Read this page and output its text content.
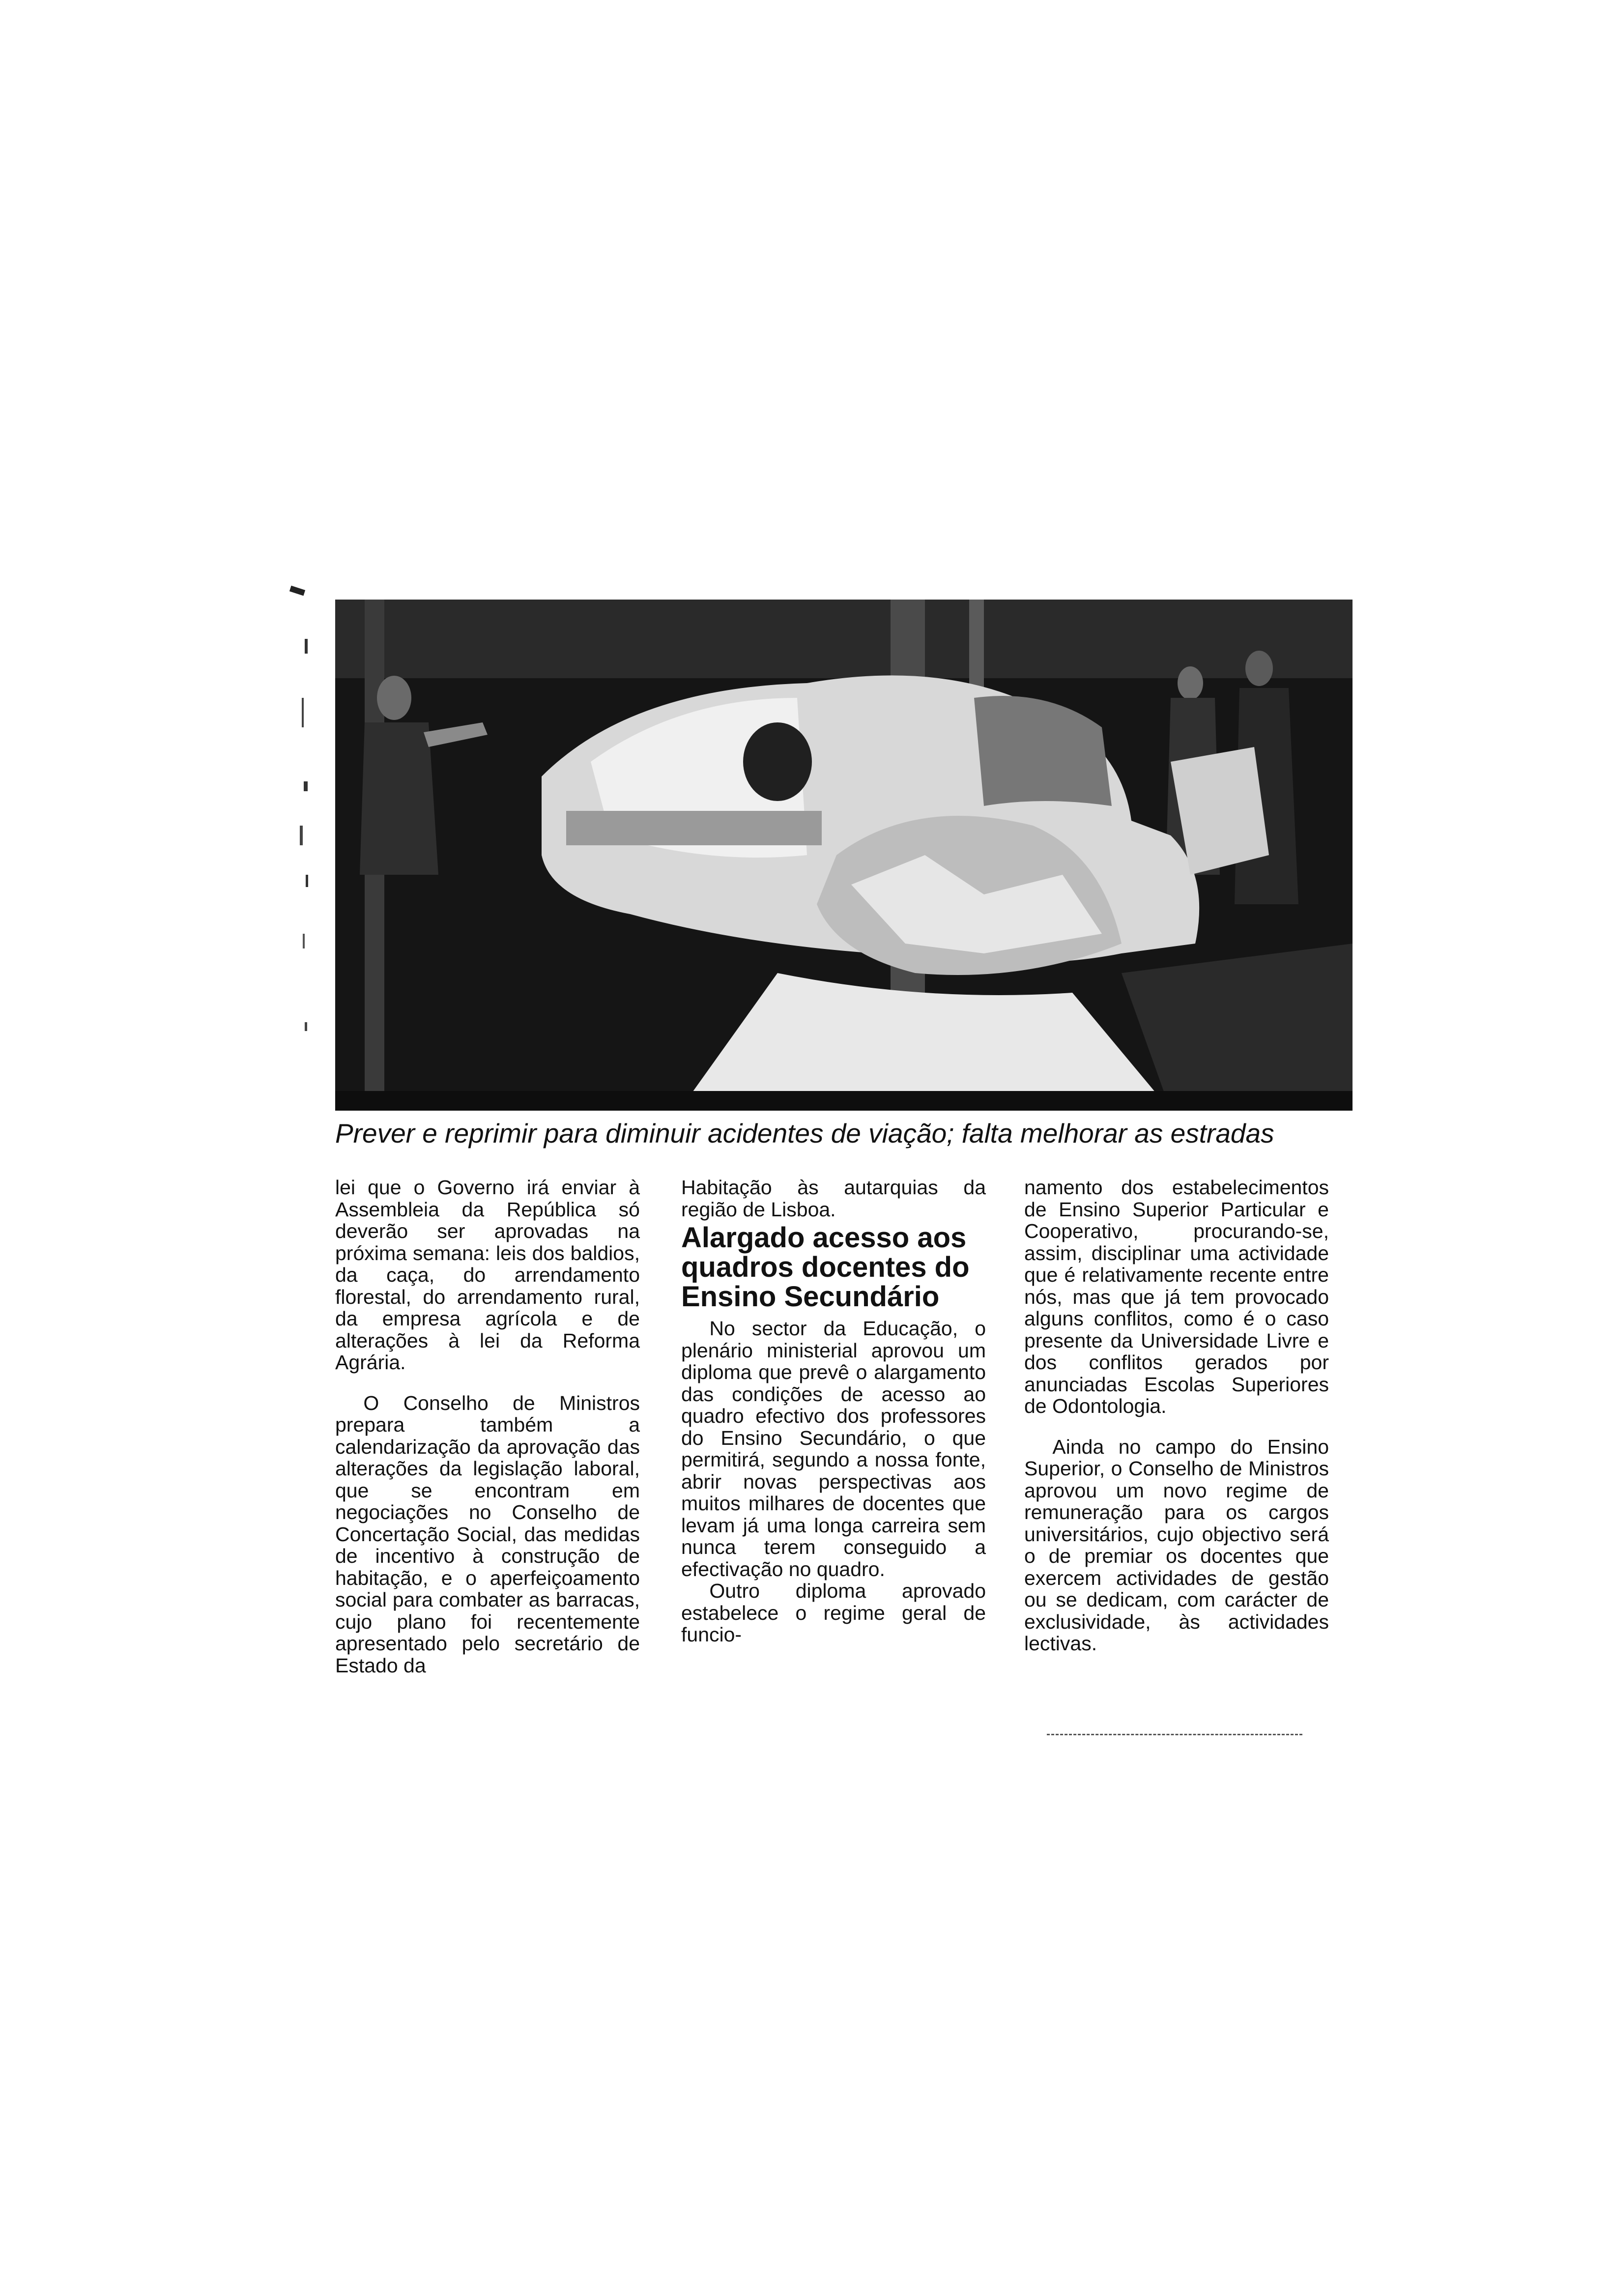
Prever e reprimir para diminuir acidentes de viação; falta melhorar as estradas

lei que o Governo irá enviar à Assembleia da República só deverão ser aprovadas na próxima semana: leis dos baldios, da caça, do arrendamento florestal, do arrendamento rural, da empresa agrícola e de alterações à lei da Reforma Agrária.

O Conselho de Ministros prepara também a calendarização da aprovação das alterações da legislação laboral, que se encontram em negociações no Conselho de Concertação Social, das medidas de incentivo à construção de habitação, e o aperfeiçoamento social para combater as barracas, cujo plano foi recentemente apresentado pelo secretário de Estado da

Habitação às autarquias da região de Lisboa.

Alargado acesso aos quadros docentes do Ensino Secundário

No sector da Educação, o plenário ministerial aprovou um diploma que prevê o alargamento das condições de acesso ao quadro efectivo dos professores do Ensino Secundário, o que permitirá, segundo a nossa fonte, abrir novas perspectivas aos muitos milhares de docentes que levam já uma longa carreira sem nunca terem conseguido a efectivação no quadro.

Outro diploma aprovado estabelece o regime geral de funcio-

namento dos estabelecimentos de Ensino Superior Particular e Cooperativo, procurando-se, assim, disciplinar uma actividade que é relativamente recente entre nós, mas que já tem provocado alguns conflitos, como é o caso presente da Universidade Livre e dos conflitos gerados por anunciadas Escolas Superiores de Odontologia.

Ainda no campo do Ensino Superior, o Conselho de Ministros aprovou um novo regime de remuneração para os cargos universitários, cujo objectivo será o de premiar os docentes que exercem actividades de gestão ou se dedicam, com carácter de exclusividade, às actividades lectivas.
